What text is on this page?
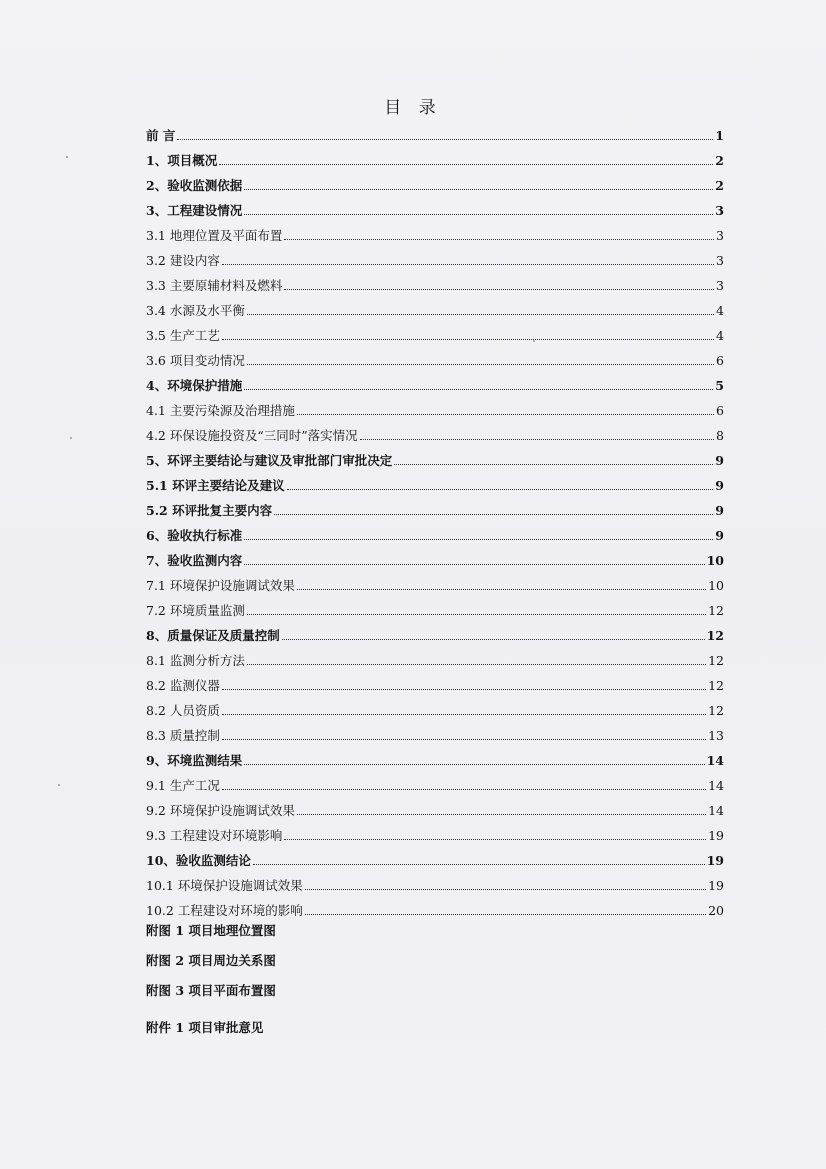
目 录
前 言	1
1、项目概况	2
2、验收监测依据	2
3、工程建设情况	3
3.1 地理位置及平面布置	3
3.2 建设内容	3
3.3 主要原辅材料及燃料	3
3.4 水源及水平衡	4
3.5 生产工艺	4
3.6 项目变动情况	6
4、环境保护措施	5
4.1 主要污染源及治理措施	6
4.2 环保设施投资及“三同时”落实情况	8
5、环评主要结论与建议及审批部门审批决定	9
5.1 环评主要结论及建议	9
5.2 环评批复主要内容	9
6、验收执行标准	9
7、验收监测内容	10
7.1 环境保护设施调试效果	10
7.2 环境质量监测	12
8、质量保证及质量控制	12
8.1 监测分析方法	12
8.2 监测仪器	12
8.2 人员资质	12
8.3 质量控制	13
9、环境监测结果	14
9.1 生产工况	14
9.2 环境保护设施调试效果	14
9.3 工程建设对环境影响	19
10、验收监测结论	19
10.1 环境保护设施调试效果	19
10.2 工程建设对环境的影响	20
附图 1 项目地理位置图
附图 2 项目周边关系图
附图 3 项目平面布置图
附件 1 项目审批意见
